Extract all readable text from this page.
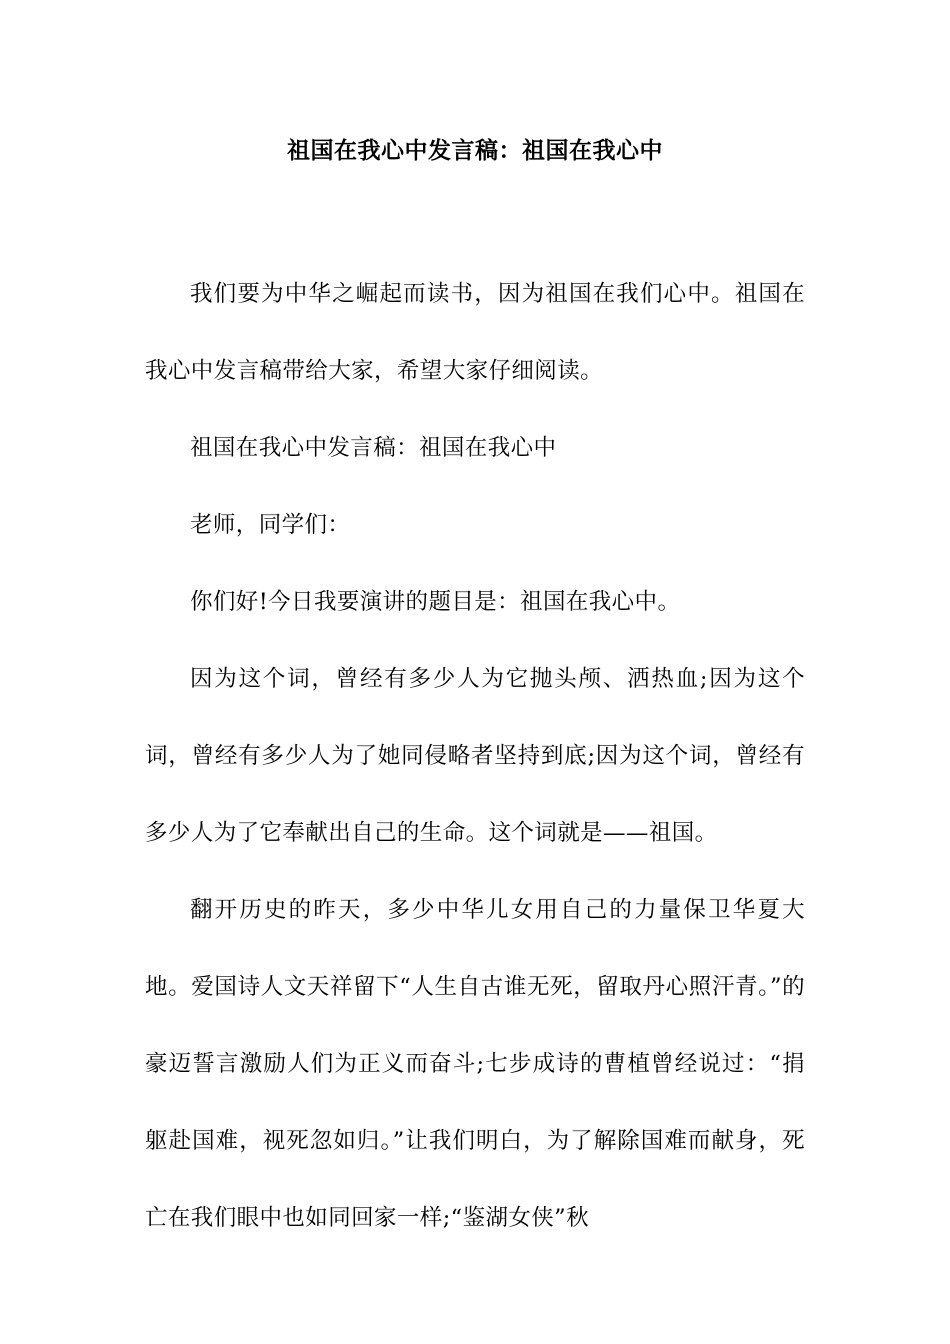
祖国在我心中发言稿：祖国在我心中

我们要为中华之崛起而读书，因为祖国在我们心中。祖国在我心中发言稿带给大家，希望大家仔细阅读。

祖国在我心中发言稿：祖国在我心中

老师，同学们：

你们好!今日我要演讲的题目是：祖国在我心中。

因为这个词，曾经有多少人为它抛头颅、洒热血;因为这个词，曾经有多少人为了她同侵略者坚持到底;因为这个词，曾经有多少人为了它奉献出自己的生命。这个词就是——祖国。

翻开历史的昨天，多少中华儿女用自己的力量保卫华夏大地。爱国诗人文天祥留下“人生自古谁无死，留取丹心照汗青。”的豪迈誓言激励人们为正义而奋斗;七步成诗的曹植曾经说过：“捐躯赴国难，视死忽如归。”让我们明白，为了解除国难而献身，死亡在我们眼中也如同回家一样;“鉴湖女侠”秋
